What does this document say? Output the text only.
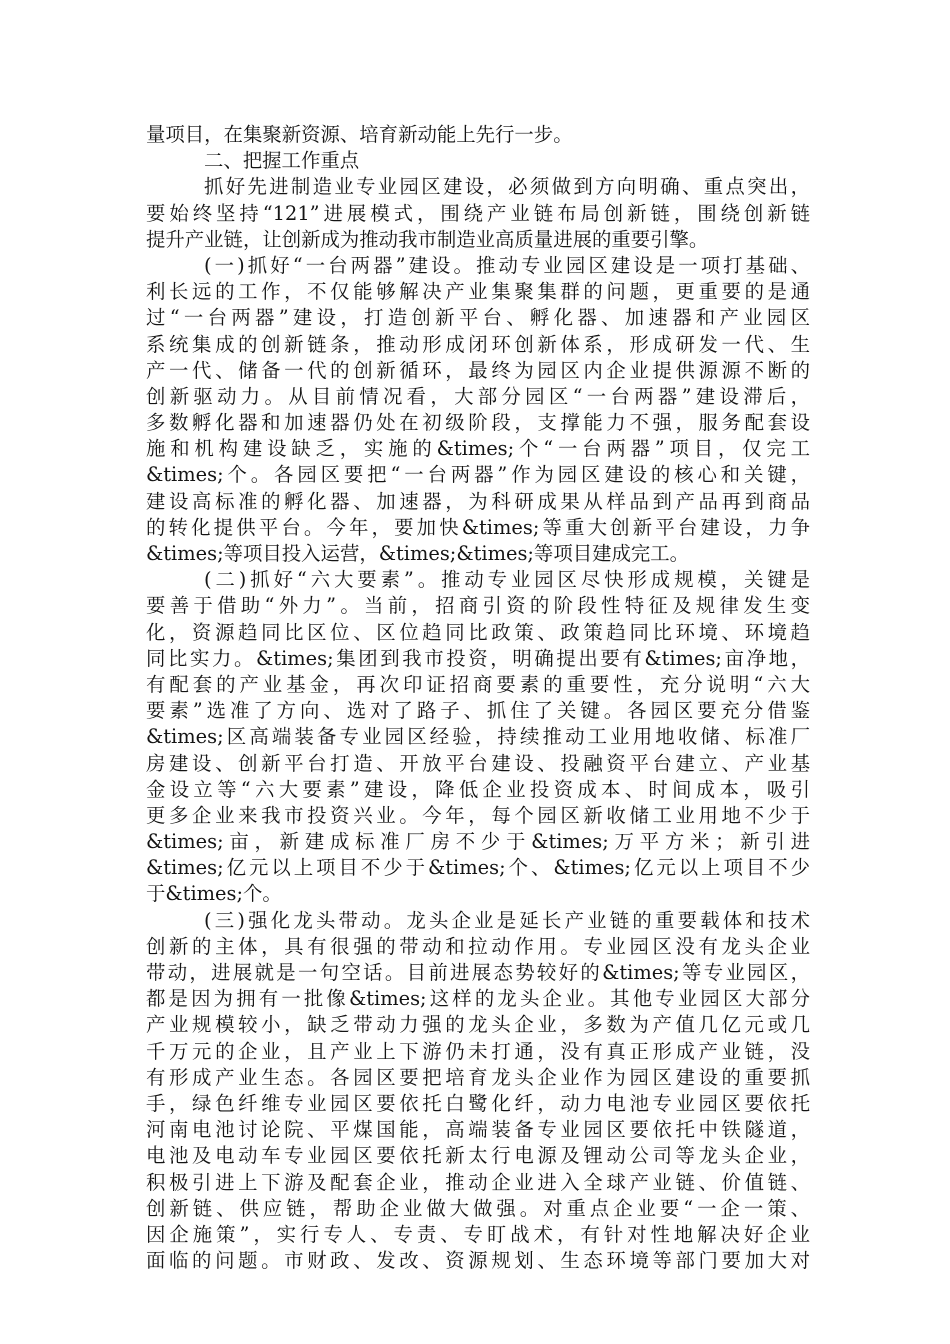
量项目，在集聚新资源、培育新动能上先行一步。
二、把握工作重点
抓好先进制造业专业园区建设，必须做到方向明确、重点突出，
要始终坚持“121”进展模式，围绕产业链布局创新链，围绕创新链
提升产业链，让创新成为推动我市制造业高质量进展的重要引擎。
(一)抓好“一台两器”建设。推动专业园区建设是一项打基础、
利长远的工作，不仅能够解决产业集聚集群的问题，更重要的是通
过“一台两器”建设，打造创新平台、孵化器、加速器和产业园区
系统集成的创新链条，推动形成闭环创新体系，形成研发一代、生
产一代、储备一代的创新循环，最终为园区内企业提供源源不断的
创新驱动力。从目前情况看，大部分园区“一台两器”建设滞后，
多数孵化器和加速器仍处在初级阶段，支撑能力不强，服务配套设
施和机构建设缺乏，实施的&times;个“一台两器”项目，仅完工
&times;个。各园区要把“一台两器”作为园区建设的核心和关键，
建设高标准的孵化器、加速器，为科研成果从样品到产品再到商品
的转化提供平台。今年，要加快&times;等重大创新平台建设，力争
&times;等项目投入运营，&times;&times;等项目建成完工。
(二)抓好“六大要素”。推动专业园区尽快形成规模，关键是
要善于借助“外力”。当前，招商引资的阶段性特征及规律发生变
化，资源趋同比区位、区位趋同比政策、政策趋同比环境、环境趋
同比实力。&times;集团到我市投资，明确提出要有&times;亩净地，
有配套的产业基金，再次印证招商要素的重要性，充分说明“六大
要素”选准了方向、选对了路子、抓住了关键。各园区要充分借鉴
&times;区高端装备专业园区经验，持续推动工业用地收储、标准厂
房建设、创新平台打造、开放平台建设、投融资平台建立、产业基
金设立等“六大要素”建设，降低企业投资成本、时间成本，吸引
更多企业来我市投资兴业。今年，每个园区新收储工业用地不少于
&times;亩，新建成标准厂房不少于&times;万平方米；新引进
&times;亿元以上项目不少于&times;个、&times;亿元以上项目不少
于&times;个。
(三)强化龙头带动。龙头企业是延长产业链的重要载体和技术
创新的主体，具有很强的带动和拉动作用。专业园区没有龙头企业
带动，进展就是一句空话。目前进展态势较好的&times;等专业园区，
都是因为拥有一批像&times;这样的龙头企业。其他专业园区大部分
产业规模较小，缺乏带动力强的龙头企业，多数为产值几亿元或几
千万元的企业，且产业上下游仍未打通，没有真正形成产业链，没
有形成产业生态。各园区要把培育龙头企业作为园区建设的重要抓
手，绿色纤维专业园区要依托白鹭化纤，动力电池专业园区要依托
河南电池讨论院、平煤国能，高端装备专业园区要依托中铁隧道，
电池及电动车专业园区要依托新太行电源及锂动公司等龙头企业，
积极引进上下游及配套企业，推动企业进入全球产业链、价值链、
创新链、供应链，帮助企业做大做强。对重点企业要“一企一策、
因企施策”，实行专人、专责、专盯战术，有针对性地解决好企业
面临的问题。市财政、发改、资源规划、生态环境等部门要加大对
